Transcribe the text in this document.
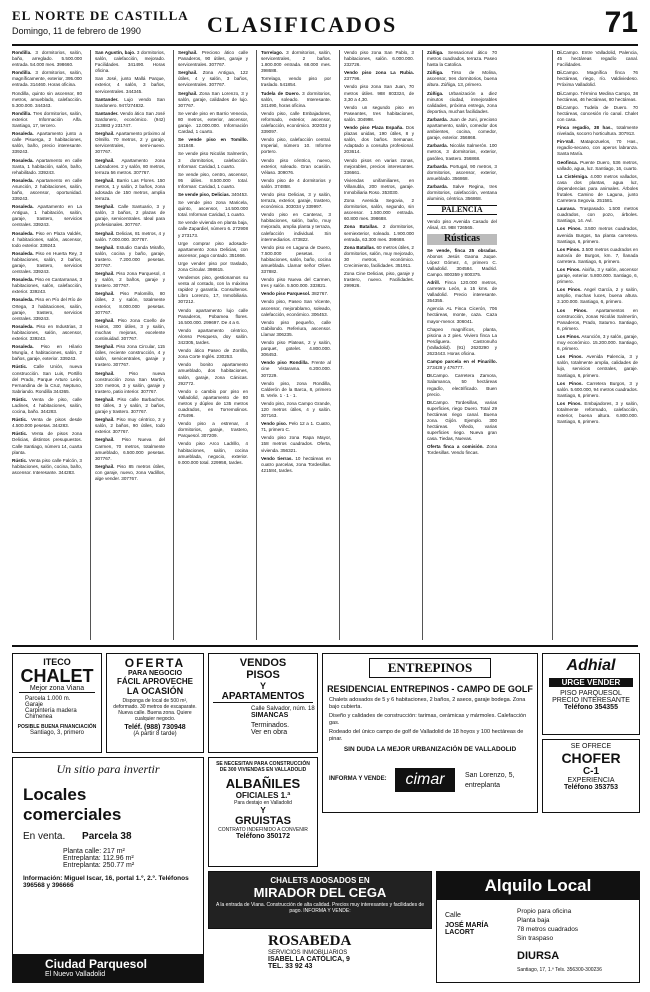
EL NORTE DE CASTILLA
Domingo, 11 de febrero de 1990	CLASIFICADOS	71

Rondilla. 3 dormitorios, salón, baño, arreglado. 5.500.000 entrada. 54.000 mes. 398660.

Rondilla. 3 dormitorios, salón, magníficamente, exterior, 395.000 entrada. 314460. Horas oficina.

Rondilla, quinto sin ascensor, 80 metros, amueblado, calefacción. 5.300.000. 344343.

Rondilla. Tres dormitorios, salón, exterior. Información Alfa. Santiago, 17, tercero.

Rosaleda. Apartamento junto a calle Pisuerga, 2 habitaciones, salón, baño, precio interesante. 339243.

Rosaleda. Apartamento en calle Santa, 1 habitación, salón, baño, rehabilitado. 339243.

Rosaleda. Apartamento en calle Asunción, 2 habitaciones, salón, baño, ascensor, oportunidad. 339243.

Rosaleda. Apartamento en La Antigua, 1 habitación, salón, garaje, trastero, servicios centrales. 339243.

Rosaleda. Piso en Plaza Valdés, 4 habitaciones, salón, ascensor, todo exterior. 339243.

Rosaleda. Piso en Huerta Rey, 3 habitaciones, salón, 2 baños, garaje, trastero, servicios centrales. 339243.

Rosaleda. Piso en Cantarranas, 3 habitaciones, salón, calefacción, exterior. 339243.

Rosaleda. Piso en Pío del Río de Ortega, 3 habitaciones, salón, garaje, trastero, servicios centrales. 339243.

Rosaleda. Piso en Industrias, 3 habitaciones, salón, ascensor, exterior. 339243.

Rosaleda. Piso en Hilario Mungía, 4 habitaciones, salón, 2 baños, garaje, exterior. 339243.

Rústic. Calle Unión, nueva construcción. San Luis, Portillo del Prado, Parque Arturo León, Fernandina de la Cruz, Neptuno, Sabriando. Rondilla 344365.

Rústic. Venta de piso, calle Ladines, 4 habitaciones, salón, cocina, baño. 344283.

Rústic. Venta de pisos desde 4.500.000 pesetas. 344283.

Rústic. Venta de pisos zona Delicias, distintos presupuestos. Calle Santiago, número 14, cuarta planta.

Rústic. Venta piso calle Falcón, 3 habitaciones, salón, cocina, baño, ascensor. Interesante. 344283.

San Agustín, bajo. 3 dormitorios, salón, calefacción, mejorado. Facilidades. 341490. Horas oficina.

San José, junto Mallá Parque, exterior, 4 salón, 3 baños, servicentrales. 344345.

Santander. Lujo vendo San Sardonero. 947/274832.

Santander. Vendo ático San José Sardonero, económico. (942) 213883 y 231747.

Serghail. Apartamento próximo al Olmillo. 70 metros, 2 y garaje, servicentrales, semi-nuevo. 307767.

Serghail. Apartamento zona Labradores. 2 y salón, 80 metros, terraza 56 metros. 307767.

Serghail. Barrio Las Flores. 150 metros, 1 y salón, 2 baños, zona adosada de 150 metros, amplia terraza.

Serghail. Calle Santuario, 3 y salón, 3 baños, 2 plazas de garaje, servicentrales. Ideal para profesionales. 307767.

Serghail. Delicias, 81 metros, 4 y salón. 7.000.000. 307767.

Serghail. Estudio Ganda Miraflo, salón, cocina y baño, garaje, trastero. 7.200.000 pesetas. 307767.

Serghail. Piso zona Parquesol, 4 y salón, 2 baños, garaje y trastero. 307767.

Serghail. Piso Palomillo, 80 útiles, 2 y salón, totalmente exterior, 8.000.000 pesetas. 307767.

Serghail. Piso zona Coello de Hairos, 300 útiles, 3 y salón, muchas mejoras, excelente continuidad. 307767.

Serghail. Piso zona Circular, 115 útiles, reciente construcción, 4 y salón, servicentrales, garaje y trastero. 307767.

Serghail. Piso nueva construcción zona San Martín, 100 metros, 3 y salón, garaje y trastero, patio interior. 307767.

Serghail. Piso calle Barbachos. 93 útiles, 3 y salón, 2 baños, garaje y trastero. 307767.

Serghail. Piso muy céntrico, 3 y salón, 2 baños, 90 útiles, todo exterior. 307767.

Serghail. Piso Nueva del Carmen, 70 metros, totalmente amueblado, 6.500.000 pesetas. 307767.

Serghail. Piso 85 metros útiles, con garaje, nuevo, zona Vadillos, alge vender. 307767.

Serghail. Precioso ático calle Panaderos, 90 útiles, garaje y servicentrales. 307767.

Serghail. Zona Antigua, 122 útiles, 4 y salón, 3 baños, servicentrales. 307767.

Serghail. Zona San Lorenzo, 3 y salón, garaje, calidades de lujo. 307767.

Se vende piso en Barrio Venecia, 80 metros, exterior, ascensor, garaje. 12.000.000. Información Cardad, 1 cuarto.

Se vende piso en Tomillo. 341848.

Se vende piso Nicolás Salmerón, 3 dormitorios, calefacción. Informan: Caridad, 1 cuarto.

Se vende piso, centro, ascensor, 95 útiles. 8.500.000 total. Informan: Caridad, 1 cuarto.

Se vende piso, Delicias. 340453.

Se vende piso zona Maricela, quinto, ascensor, 14.500.000 total. Informan Caridad, 1 cuarto.

Se vende vivienda en planta baja, calle Zapardiel, número 6. 272908 y 273173.

Urge comprar piso adosado-apartamento zona Delicias, con ascensor, pago contado. 351666.

Urge vender piso por traslado, zona Circular. 398615.

Vendemos piso, gestionamos su venta al contado, con la máxima rapidez y garantía. Consultenos. Libro Lorenzo, 17, Inmobiliaria. 307212.

Vendo apartamento lujo calle Panaderos, Pobamea flores. 16.500.000. 299697. De 4 a 6.

Vendo apartamento céntrico, Alonso Pesquera, doy salón. 342305, tardes.

Vendo ático Paseo de Zorrilla, zona Corte Inglés. 230253.

Vendo bonito apartamento amueblado, dos habitaciones, salón, garaje, zona Cánicas. 292772.

Vendo o cambio por piso en Valladolid, apartamento de 80 metros y dúplex de 135 metros cuadrados, en Torremolinos. 475496.

Vendo piso a estrenar, 4 dormitorios, garaje, trastero, Parquesol. 307209.

Vendo piso Arco Ladrillo, 4 habitaciones, salón, cocina amueblada, negocio, exterior. 9.000.000 total. 229958, tardes.

Torrelago. 3 dormitorios, salón, servicentrales, 2 baños. 1.800.000 entrada. 68.000 mes. 398688.

Torrelago, vendo piso por traslado. 541854.

Tudela de Duero. 3 dormitorios, salón, soleado. Interesante. 341490, horas oficina.

Vendo piso, calle Embajadores, reformado, exterior, ascensor, calefacción, económico. 302034 y 339097.

Vendo piso, calefacción central. Imperial, número 10. Informe portero.

Vendo piso céntrico, nuevo, exterior, soleado. Gran ocasión. Vélaso. 309076.

Vendo piso de 4 dormitorios y salón. 374858.

Vendo piso Delicias, 3 y salón, terraza, exterior, garaje, trastero, económico. 303034 y 339997.

Vendo piso en Canterac, 3 habitaciones, salón, baño, muy mejorado, amplia planta y terraza, calefacción individual. Sin intermediarios. 473822.

Vendo piso en Laguna de Duero, 7.500.000 pesetas. 4 habitaciones, salón, baño, cocina amueblada. Llamar señor Oliver. 337882.

Vendo piso Nueva del Carmen, tres y salón. 5.500.000. 333821.

Vendo piso Parquesol. 382767.

Vendo piso, Paseo San Vicente, ascensor, mejorablamo, soleado, calefacción, económico. 306453.

Vendo piso pequeño, calle Gabilondo. Referiura, ascensor. Llamar 306235.

Vendo piso Plateas, 2 y salón, parquet, gotelet. 4.800.000. 306453.

Vendo piso Rondilla. Frente al cine Vistarama. 6.200.000. 307229.

Vendo piso, zona Rondilla, Calderón de la Barca, 8, primero B. Verle. 1 · 1 · 1.

Vendo piso, zona Campo Grande, 120 metros útiles, 4 y salón. 307163.

Vendo piso. Pelo 12 a 1. Cuatro, 71, primero C.

Vendo piso zona Rapa Mayor, 158 metros cuadrados. Oferta, vivienda. 356321.

Vendo tierras. 10 hectáreas en cuatro parcelas, zona Tordesillas. 421584, tardes.

Vendo piso zona San Pablo, 3 habitaciones, salón. 6.000.000. 232726.

Vendo piso zona La Rubia. 237796.

Vendo piso zona San Juan, 70 metros útiles. 988 803324, de 3,30 a 4,30.

Vendo un segundo piso en Paseantes, tres habitaciones, salón. 304998.

Vendo piso Plaza España. Dos plazas unidas, 190 útiles, 8 y salón, dos baños. Semanas. Adaptado a consulta profesional. 203614.

Vendo pisos en varias zonas, mejorables, precios interesantes. 336661.

Viviendas unifamiliares, en Villanubla, 200 metros, garaje. Inmobiliaria Roso. 353030.

Zona Avenida Segovia, 2 dormitorios, salón, segundo, sin ascensor. 1.500.000 entrada. 60.800 mes. 398688.

Zona Batallas. 2 dormitorios, semiexterior, soleado. 1.900.000 entrada, 63.300 mes. 398688.

Zona Batallas. 60 metros útiles, 2 dormitorios, salón, muy mejorado, 30 metros, económico. Crecimiento, facilidades. 351911.

Zona Cine Delicias, piso, garaje y trastero, nuevo. Facilidades. 299926.

Zúñiga. Sensacional ático 70 metros cuadrados, terraza. Paseo hasta la Catolica.

Zúñiga. Tirso de Molina, ascensor, tres dormitorios, buena altura. Zúñiga, 13, primero.

Zúñiga. Urbanización a diez minutos ciudad, inmejorables calidades, próxima entrega, zona deportiva, muchas facilidades.

Zarbarda. Juan de Juni, precioso apartamento, salón, comedor dos ambientes, cocina, comedor, garaje, exterior. 356868.

Zarbarda. Nicolás Salmerón. 100 metros, 3 dormitorios, exterior, gasóleo, trastero. 356868.

Zarbarda. Portugal, 90 metros, 3 dormitorios, ascensor, exterior, amueblado. 356868.

Zarbarda. Salve Regina, tres dormitorios, calefacción, ventana aluminio, céntrica. 356868.

PALENCIA

Vendo piso Avenida Casado del Alisal, 43. 988 726565.

Rústicas

Se vende, finca 25 obradas. Abonos Jesús Gaona Juque. López Gómez, 4, primero C. Valladolid. 304584. Madrid. Campo. 800359 y 800375.

Adrill. Finca 120.000 metros, carretera León, a 15 kms. de Valladolid. Precio interesante. 354355.

Agencia AL Finca Cicerón, 706 hectáreas, monte, caza. Caza mayor-menor. 306041.

Chapeo magníficos, planta, piscina a 2 pies. Viviero finca La Perdiguera. Castronuño (Valladolid). (91) 2620290 y 2623443. Horas oficina.

Campo parcela en el Pinarillo. 273428 y 476777.

DI.Campo. Carretera Zamora, Salamanca, 50 hectáreas regadío, electrificado. Buen precio.

DI.Campo. Tordesillas, varias superficies, riego Duero. Total 29 hectáreas riego canal. Buena zona. Gijón. Ejemplo. 300 hectáreas. Viñedo, varias superficies riego. Nueva gran casa. Tiedas, Nuevas.

Oferta finca a comisión. Zona Tordesillas. Vendo fincas.

Di.Campo. Entre Valladolid, Palencia, 45 hectáreas regadío canal. Facilidades.

Di.Campo. Magnífica finca 76 hectáreas, riego, río. Valdiviedeso. Próxima Valladolid.

Di.Campo. Término Medina Campo, 38 hectáreas, 46 hectáreas, 80 hectáreas.

Di.Campo. Tudela de Duero. 70 hectáreas, concesión río canal. Chalet con casa.

Finca regadío, 38 has., totalmente nivelada, socorro horticultura. 307913.

Fin-Vall. Matapozuelos, 70 Has., regadío-secano, con aperos labranza. Santa María.

Geofinca. Puente Duero, 536 metros, vallado, agua, luz. Santiago, 16, cuarto.

La Cistérniga. 4.000 metros vallados, casa dos plantas, agua luz, dependencias para animales. Árboles frutales. Camino de Laguna, junto Carretera Segovia. 251581.

Laurasa. Traspasado. 1.500 metros cuadrados, con pozo, árboles. Santiago, 14. Avl.

Los Pinos. 3.500 metros cuadrados, avenida Burgos, 5a planta carretera. Santiago, 6, primero.

Los Pinos. 3.500 metros cuadrados en autovía de Burgos, km. 7, llanada carretera. Santiago, 6, primero.

Los Pinos. Aixiña, 3 y salón, ascensor garaje, exterior. 5.800.000. Santiago, 6, primero.

Los Pinos. Angel García, 2 y salón, amplio, muchas luces, buena altura. 3.100.000. Santiago, 6, primero.

Los Pinos. Apartamentos en construcción, zonas Nicolás Salmerón, Panaderos, Prado, Saturno. Santiago, 6, primero.

Los Pinos. Asunción, 3 y salón, garaje, muy económico. 15.200.000. Santiago, 6, primero.

Los Pinos. Avenida Palencia, 3 y salón, totalmente amplia, calidades de lujo, servicios centrales, garaje. Santiago, 6, primero.

Los Pinos. Carretera Burgos, 3 y salón. 5.600.000, 94 metros cuadrados. Santiago, 6, primero.

Los Pinos. Embajadores, 3 y salón, totalmente reformado, calefacción, exterior, buena altura. 6.800.000. Santiago, 6, primero.

ITECO
CHALET
Mejor zona Viana
Parcela 1.000 m.
Garaje
Carpintería madera
Chimenea
POSIBLE BUENA FINANCIACIÓN
Santiago, 3, primero
OFERTA
PARA NEGOCIO
FÁCIL APROVECHE
LA OCASIÓN
Disponga de local de 500 m², deformado. 30 metros de escaparate. Nueva calle. Buena zona. Quiere cualquier negocio.
Teléf. (988) 730948
(A partir 8 tarde)
VENDOS
PISOS
Y
APARTAMENTOS
Calle Salvador, núm. 18
SIMANCAS
Terminados.
Ver en obra
ENTREPINOS
RESIDENCIAL ENTREPINOS - CAMPO DE GOLF
Chalets adosados de 5 y 6 habitaciones, 2 baños, 2 aseos, garaje bodega. Zona bajo cubierta.
Diseño y calidades de construcción: tarimas, cerámicas y mármoles. Calefacción gas.
Rodeado del único campo de golf de Valladolid de 18 hoyos y 100 hectáreas de pinar.
SIN DUDA LA MEJOR URBANIZACIÓN DE VALLADOLID
INFORMA Y VENDE:	cimar	San Lorenzo, 5,
entreplanta
Adhial
URGE VENDER
PISO PARQUESOL
PRECIO INTERESANTE
Teléfono 354355
SE OFRECE
CHOFER
C-1
EXPERIENCIA
Teléfono 353753
Un sitio para invertir
Locales
comerciales
En venta. Parcela 38
Planta calle: 217 m²
Entreplanta: 112.96 m²
Entreplanta: 250.77 m²
Información: Miguel Iscar, 16, portal 1.º, 2.º. Teléfonos 396568 y 396666
Ciudad Parquesol
El Nuevo Valladolid
SE NECESITAN PARA CONSTRUCCIÓN DE 300 VIVIENDAS EN VALLADOLID
ALBAÑILES
OFICIALES 1.ª
Para destajo en Valladolid
Y
GRUISTAS
CONTRATO INDEFINIDO A CONVENIR
Teléfono 350172
CHALETS ADOSADOS EN
MIRADOR DEL CEGA
A la entrada de Viana. Construcción de alta calidad. Precios muy interesantes y facilidades de pago. INFORMA Y VENDE:
ROSABEDA
SERVICIOS INMOBILIARIOS
ISABEL LA CATÓLICA, 9
TEL. 33 92 43
Alquilo Local
Calle
JOSÉ MARÍA LACORT
Propio para oficina
Planta baja
78 metros cuadrados
Sin traspaso
DIURSA
Santiago, 17, 1.º Tels. 356300-300236
